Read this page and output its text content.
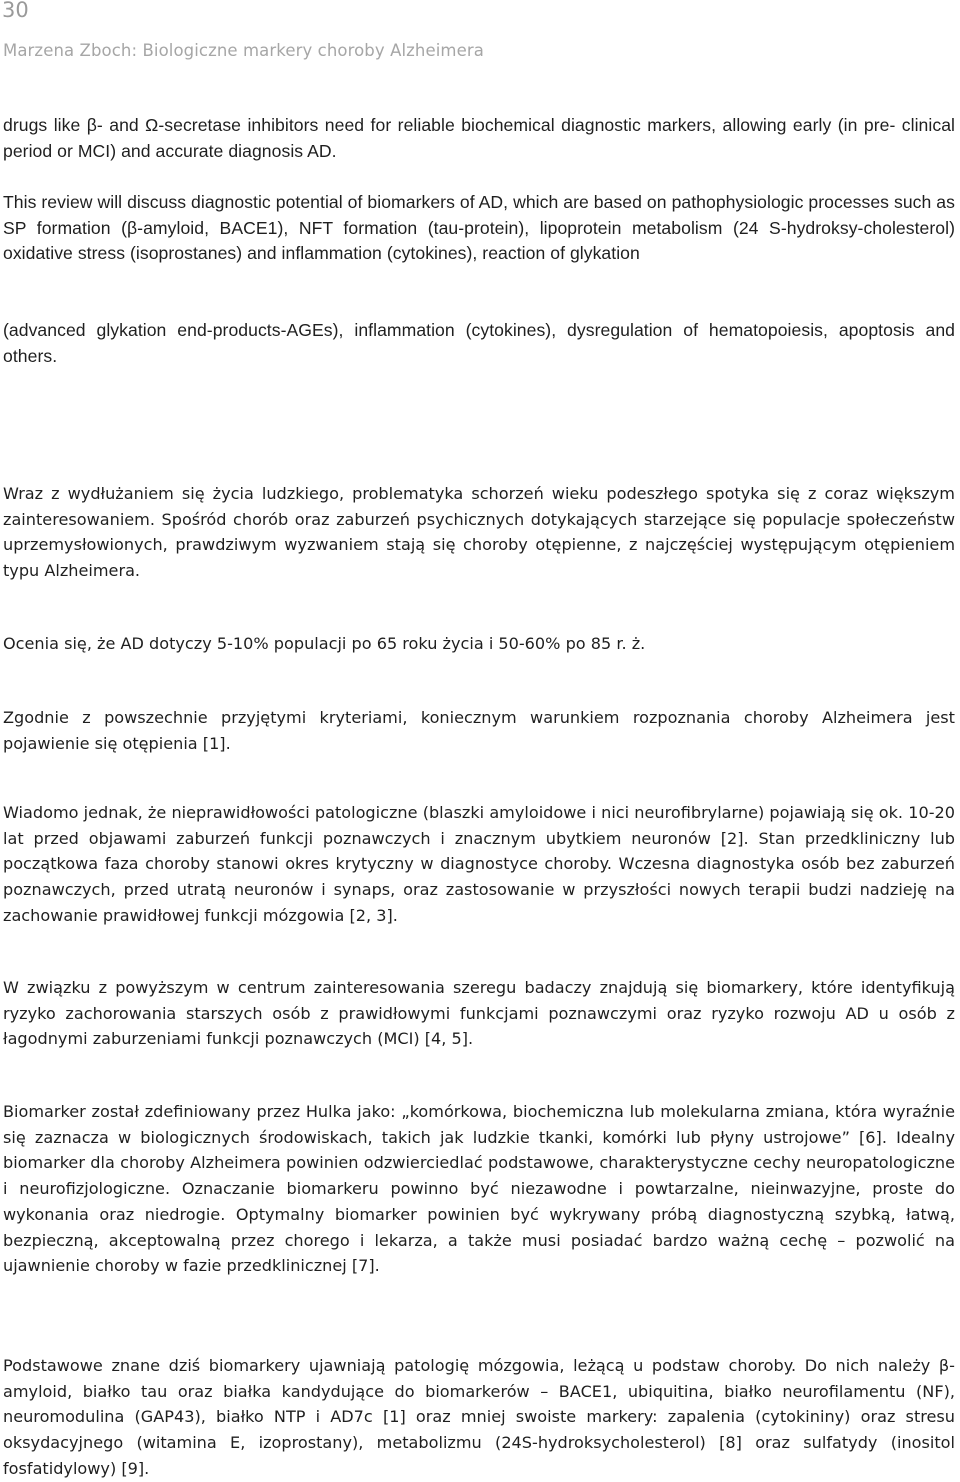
30
Marzena Zboch: Biologiczne markery choroby Alzheimera

drugs like β- and Ω-secretase inhibitors need for reliable biochemical diagnostic markers, allowing early (in pre- clinical period or MCI) and accurate diagnosis AD.

This review will discuss diagnostic potential of biomarkers of AD, which are based on pathophysiologic processes such as SP formation (β-amyloid, BACE1), NFT formation (tau-protein), lipoprotein metabolism (24 S-hydroksy-cholesterol) oxidative stress (isoprostanes) and inflammation (cytokines), reaction of glykation

(advanced glykation end-products-AGEs), inflammation (cytokines), dysregulation of hematopoiesis, apoptosis and others.

Wraz z wydłużaniem się życia ludzkiego, problematyka schorzeń wieku podeszłego spotyka się z coraz większym zainteresowaniem. Spośród chorób oraz zaburzeń psychicznych dotykających starzejące się populacje społeczeństw uprzemysłowionych, prawdziwym wyzwaniem stają się choroby otępienne, z najczęściej występującym otępieniem typu Alzheimera.

Ocenia się, że AD dotyczy 5-10% populacji po 65 roku życia i 50-60% po 85 r. ż.

Zgodnie z powszechnie przyjętymi kryteriami, koniecznym warunkiem rozpoznania choroby Alzheimera jest pojawienie się otępienia [1].

Wiadomo jednak, że nieprawidłowości patologiczne (blaszki amyloidowe i nici neurofibrylarne) pojawiają się ok. 10-20 lat przed objawami zaburzeń funkcji poznawczych i znacznym ubytkiem neuronów [2]. Stan przedkliniczny lub początkowa faza choroby stanowi okres krytyczny w diagnostyce choroby. Wczesna diagnostyka osób bez zaburzeń poznawczych, przed utratą neuronów i synaps, oraz zastosowanie w przyszłości nowych terapii budzi nadzieję na zachowanie prawidłowej funkcji mózgowia [2, 3].

W związku z powyższym w centrum zainteresowania szeregu badaczy znajdują się biomarkery, które identyfikują ryzyko zachorowania starszych osób z prawidłowymi funkcjami poznawczymi oraz ryzyko rozwoju AD u osób z łagodnymi zaburzeniami funkcji poznawczych (MCI) [4, 5].

Biomarker został zdefiniowany przez Hulka jako: „komórkowa, biochemiczna lub molekularna zmiana, która wyraźnie się zaznacza w biologicznych środowiskach, takich jak ludzkie tkanki, komórki lub płyny ustrojowe” [6]. Idealny biomarker dla choroby Alzheimera powinien odzwierciedlać podstawowe, charakterystyczne cechy neuropatologiczne i neurofizjologiczne. Oznaczanie biomarkeru powinno być niezawodne i powtarzalne, nieinwazyjne, proste do wykonania oraz niedrogie. Optymalny biomarker powinien być wykrywany próbą diagnostyczną szybką, łatwą, bezpieczną, akceptowalną przez chorego i lekarza, a także musi posiadać bardzo ważną cechę – pozwolić na ujawnienie choroby w fazie przedklinicznej [7].

Podstawowe znane dziś biomarkery ujawniają patologię mózgowia, leżącą u podstaw choroby. Do nich należy β- amyloid, białko tau oraz białka kandydujące do biomarkerów – BACE1, ubiquitina, białko neurofilamentu (NF), neuromodulina (GAP43), białko NTP i AD7c [1] oraz mniej swoiste markery: zapalenia (cytokininy) oraz stresu oksydacyjnego (witamina E, izoprostany), metabolizmu (24S-hydroksycholesterol) [8] oraz sulfatydy (inositol fosfatidylowy) [9].
